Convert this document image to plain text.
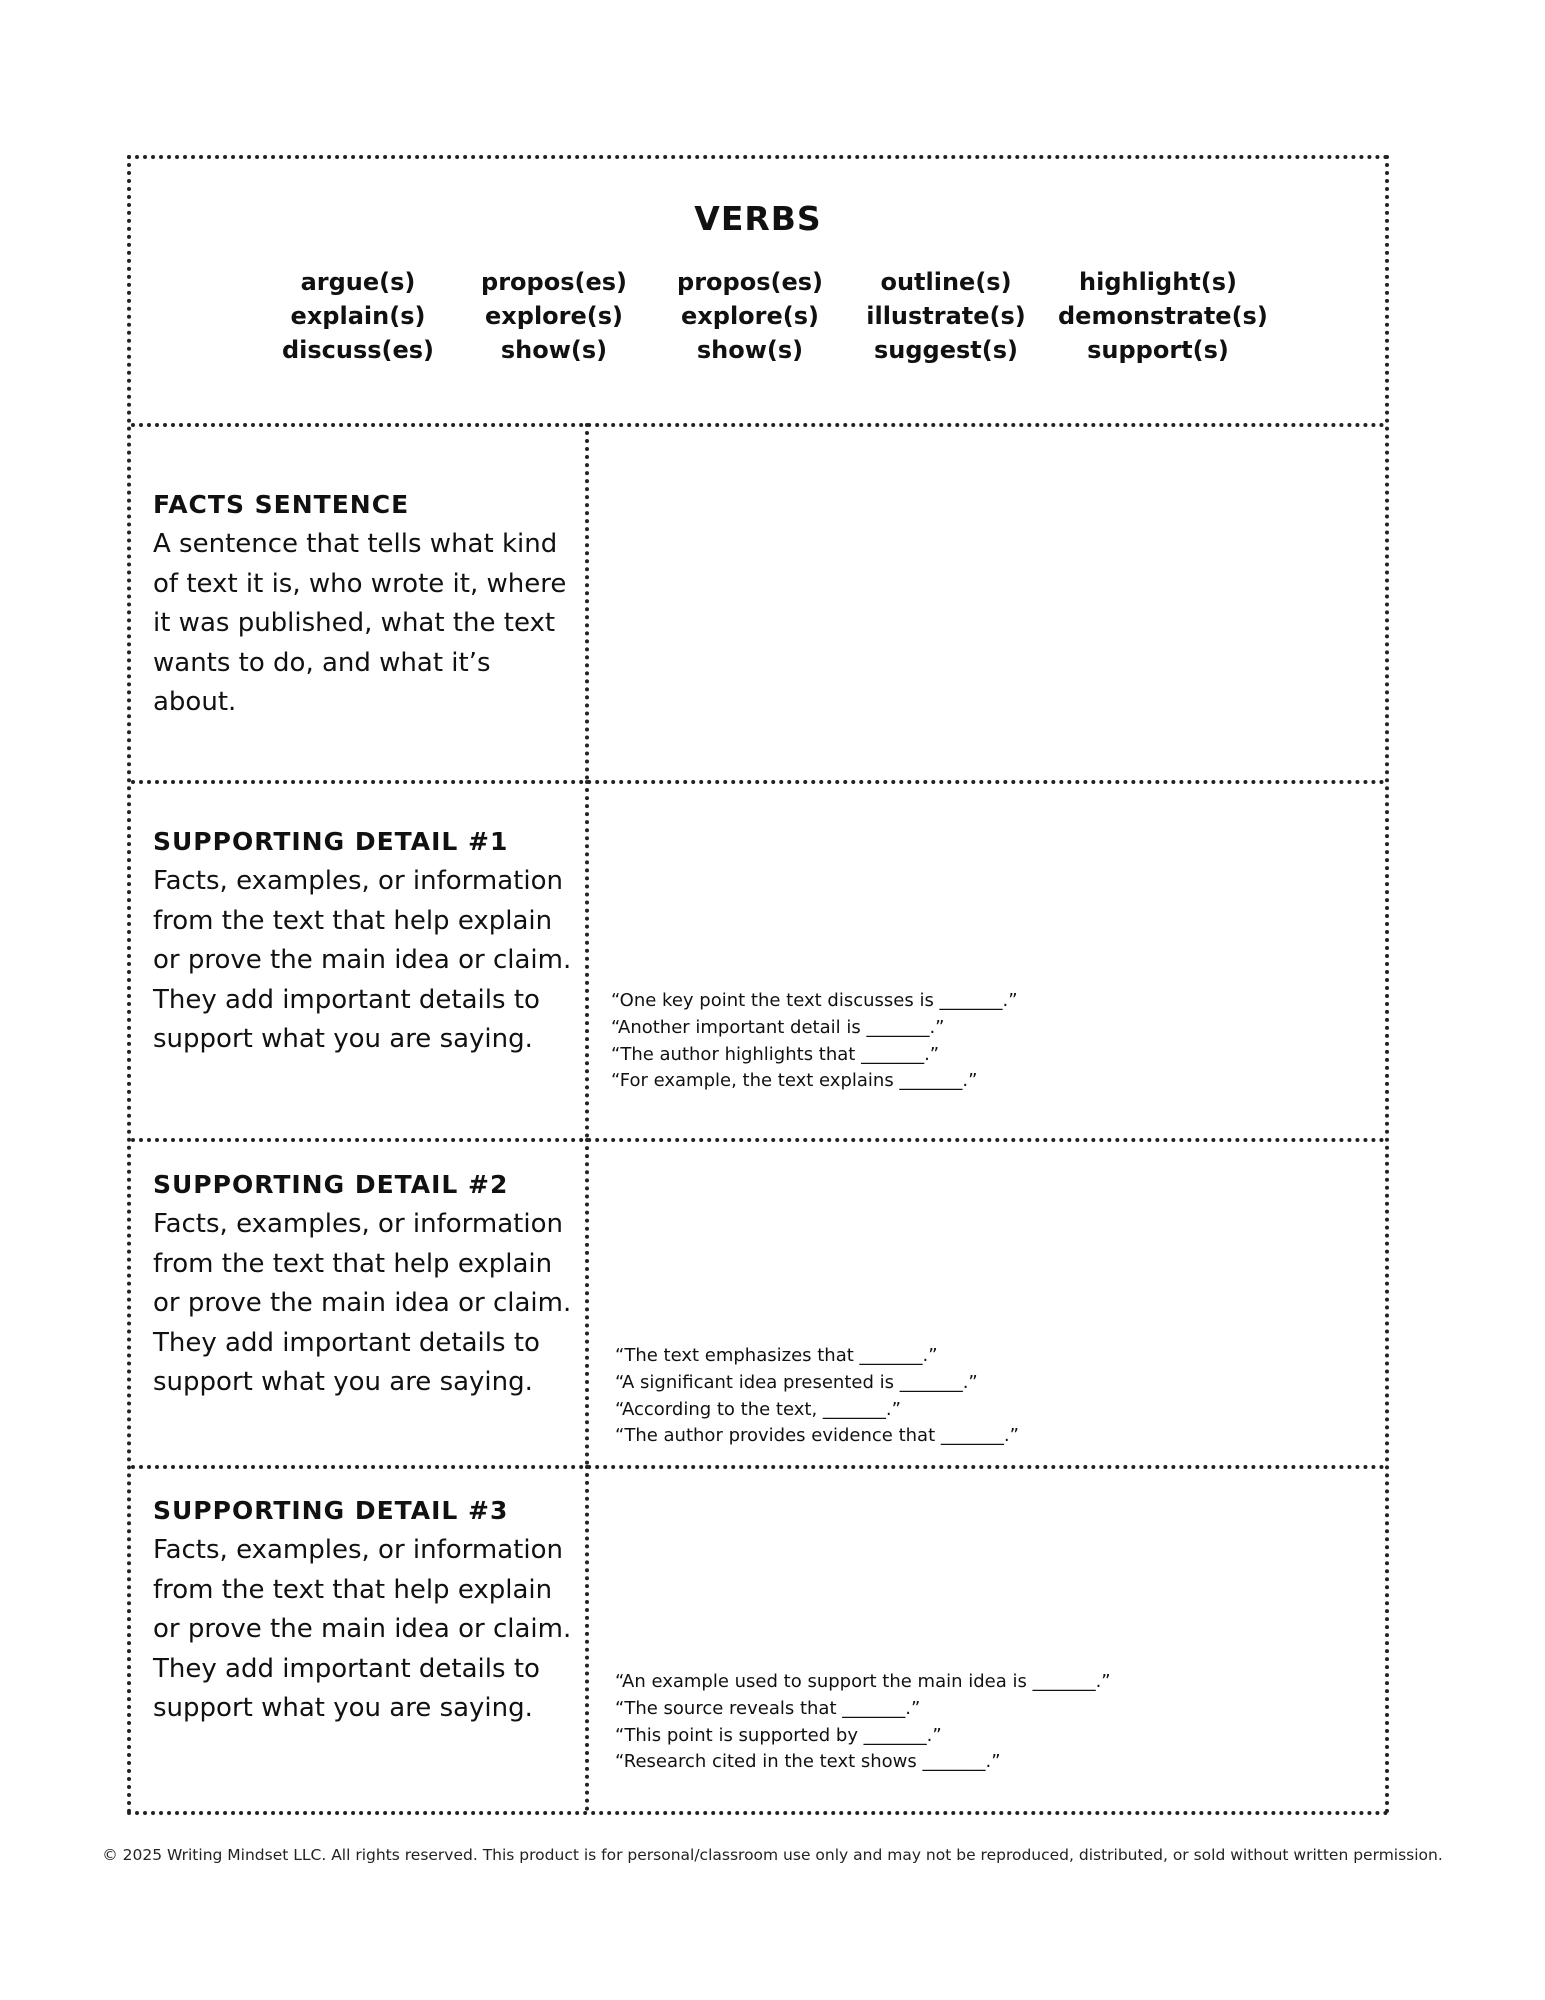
VERBS
argue(s)
explain(s)
discuss(es)
propos(es)
explore(s)
show(s)
propos(es)
explore(s)
show(s)
outline(s)
illustrate(s)
suggest(s)
highlight(s)
demonstrate(s)
support(s)
FACTS SENTENCE
A sentence that tells what kind of text it is, who wrote it, where it was published, what the text wants to do, and what it’s about.
SUPPORTING DETAIL #1
Facts, examples, or information from the text that help explain or prove the main idea or claim. They add important details to support what you are saying.
“One key point the text discusses is _______.”
“Another important detail is _______.”
“The author highlights that _______.”
“For example, the text explains _______.”
SUPPORTING DETAIL #2
Facts, examples, or information from the text that help explain or prove the main idea or claim. They add important details to support what you are saying.
“The text emphasizes that _______.”
“A significant idea presented is _______.”
“According to the text, _______.”
“The author provides evidence that _______.”
SUPPORTING DETAIL #3
Facts, examples, or information from the text that help explain or prove the main idea or claim. They add important details to support what you are saying.
“An example used to support the main idea is _______.”
“The source reveals that _______.”
“This point is supported by _______.”
“Research cited in the text shows _______.”
© 2025 Writing Mindset LLC. All rights reserved. This product is for personal/classroom use only and may not be reproduced, distributed, or sold without written permission.
